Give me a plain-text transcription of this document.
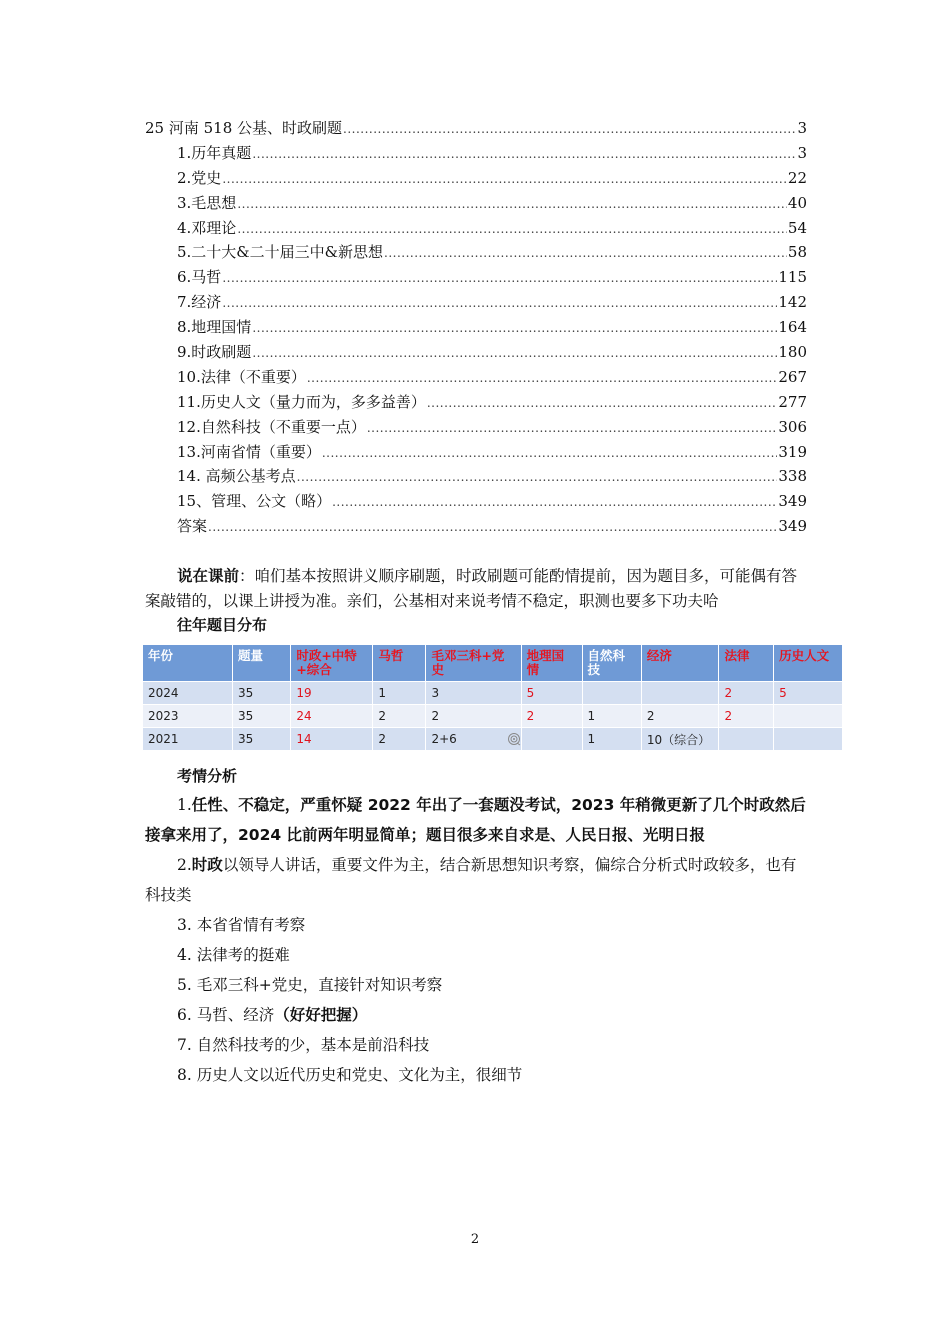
25 河南 518 公基、时政刷题 .....	3
1.历年真题 .....	3
2.党史 .....	22
3.毛思想 .....	40
4.邓理论 .....	54
5.二十大&二十届三中&新思想 .....	58
6.马哲 .....	115
7.经济 .....	142
8.地理国情 .....	164
9.时政刷题 .....	180
10.法律（不重要） .....	267
11.历史人文（量力而为，多多益善） .....	277
12.自然科技（不重要一点） .....	306
13.河南省情（重要） .....	319
14. 高频公基考点 .....	338
15、管理、公文（略） .....	349
答案 .....	349
说在课前：咱们基本按照讲义顺序刷题，时政刷题可能酌情提前，因为题目多，可能偶有答案敲错的，以课上讲授为准。亲们，公基相对来说考情不稳定，职测也要多下功夫哈
往年题目分布
年份	题量	时政+中特+综合	马哲	毛邓三科+党史	地理国情	自然科技	经济	法律	历史人文
2024	35	19	1	3	5			2	5
2023	35	24	2	2	2	1	2	2	
2021	35	14	2	2+6		1	10（综合）		
考情分析

1.任性、不稳定，严重怀疑 2022 年出了一套题没考试，2023 年稍微更新了几个时政然后接拿来用了，2024 比前两年明显简单；题目很多来自求是、人民日报、光明日报

2.时政以领导人讲话，重要文件为主，结合新思想知识考察，偏综合分析式时政较多，也有科技类

3. 本省省情有考察

4. 法律考的挺难

5. 毛邓三科+党史，直接针对知识考察

6. 马哲、经济（好好把握）

7. 自然科技考的少，基本是前沿科技

8. 历史人文以近代历史和党史、文化为主，很细节

2
